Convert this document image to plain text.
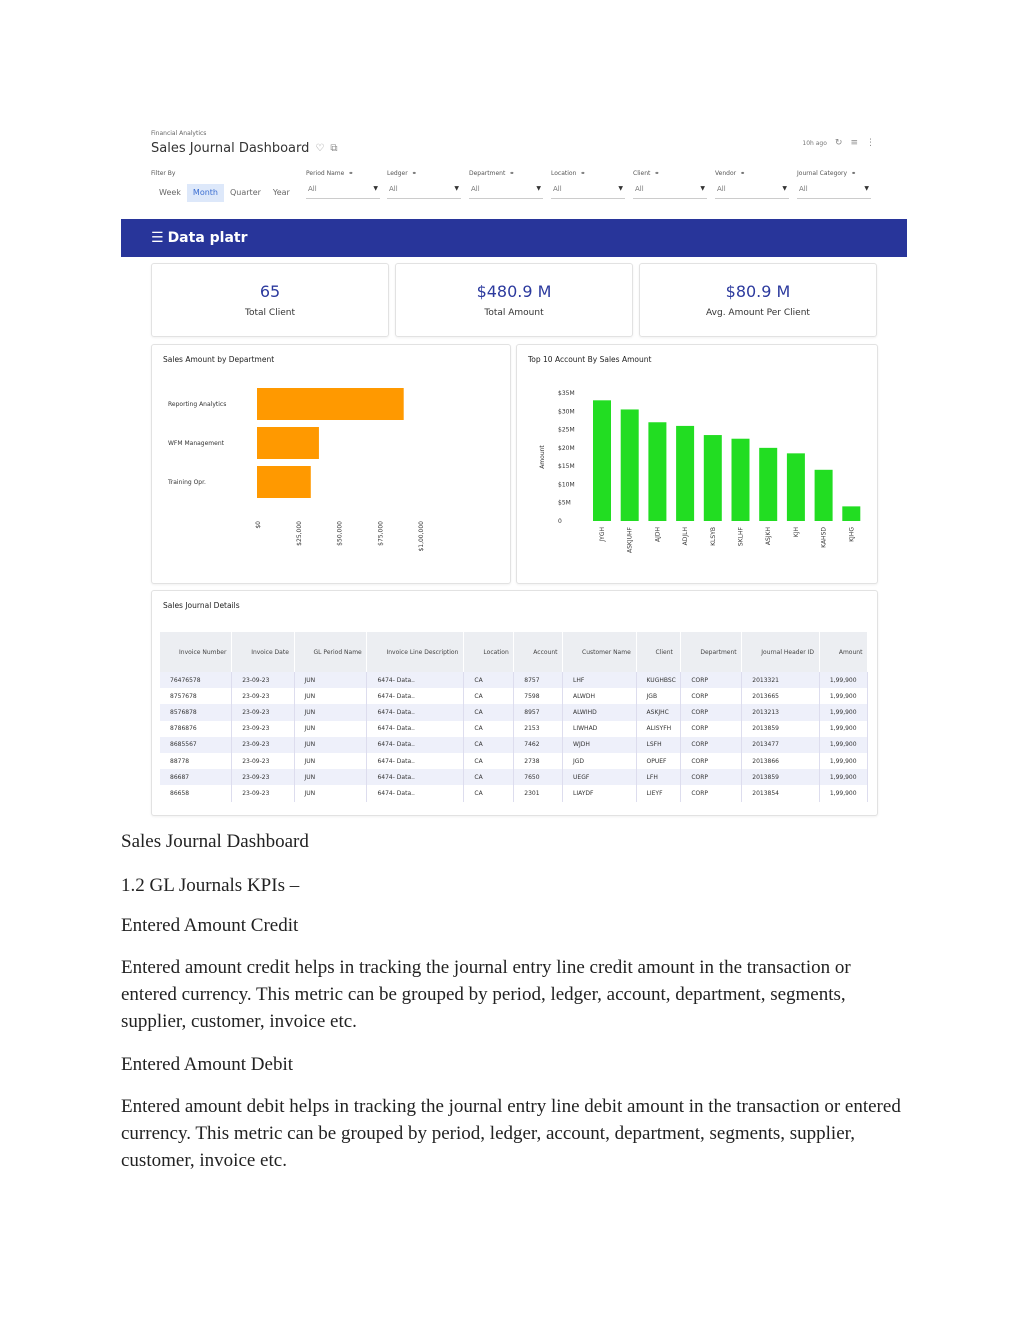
Financial Analytics
Sales Journal Dashboard ♡ ⧉	10h ago ↻ ≡ ⋮
Filter By
Week	Month	Quarter	Year
Period Name ⚭
All	▼
Ledger ⚭
All	▼
Department ⚭
All	▼
Location ⚭
All	▼
Client ⚭
All	▼
Vendor ⚭
All	▼
Journal Category ⚭
All	▼
☰ Data platr
65
Total Client
$480.9 M
Total Amount
$80.9 M
Avg. Amount Per Client
Sales Amount by Department
Reporting Analytics
WFM Management
Training Opr.
$0	$25,000	$50,000	$75,000	$1,00,000
Top 10 Account By Sales Amount
0
$5M
$10M
$15M
$20M
$25M
$30M
$35M
Amount
JYGH	ASKJUHF	AJDH	ADJLH	KLSYB	SKLHF	ASJKH	KJH	KAHSD	KJHG
Sales Journal Details
Invoice Number	Invoice Date	GL Period Name	Invoice Line Description	Location	Account	Customer Name	Client	Department	Journal Header ID	Amount
76476578	23-09-23	JUN	6474- Data..	CA	8757	LHF	KUGHBSC	CORP	2013321	1,99,900
8757678	23-09-23	JUN	6474- Data..	CA	7598	ALWDH	JGB	CORP	2013665	1,99,900
8576878	23-09-23	JUN	6474- Data..	CA	8957	ALWIHD	ASKJHC	CORP	2013213	1,99,900
8786876	23-09-23	JUN	6474- Data..	CA	2153	LIWHAD	ALISYFH	CORP	2013859	1,99,900
8685567	23-09-23	JUN	6474- Data..	CA	7462	WJDH	LSFH	CORP	2013477	1,99,900
88778	23-09-23	JUN	6474- Data..	CA	2738	JGD	OPUEF	CORP	2013866	1,99,900
86687	23-09-23	JUN	6474- Data..	CA	7650	UEGF	LFH	CORP	2013859	1,99,900
86658	23-09-23	JUN	6474- Data..	CA	2301	LIAYDF	LIEYF	CORP	2013854	1,99,900
Sales Journal Dashboard
1.2 GL Journals KPIs –
Entered Amount Credit
Entered amount credit helps in tracking the journal entry line credit amount in the transaction or entered currency. This metric can be grouped by period, ledger, account, department, segments, supplier, customer, invoice etc.
Entered Amount Debit
Entered amount debit helps in tracking the journal entry line debit amount in the transaction or entered currency. This metric can be grouped by period, ledger, account, department, segments, supplier, customer, invoice etc.
